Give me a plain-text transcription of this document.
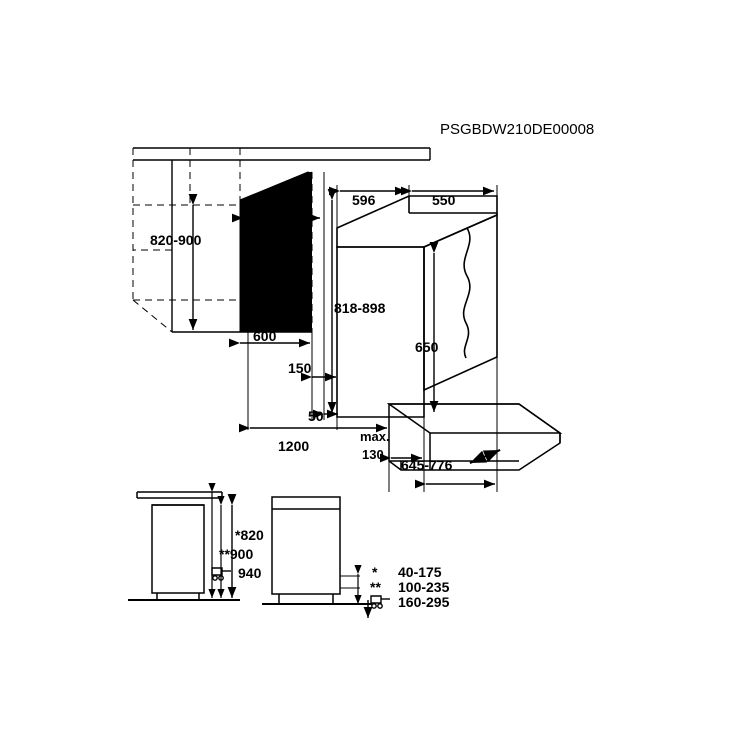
PSGBDW210DE00008
820-900
min. 550
596	550
818-898
650
600
150
50
1200
max.
130
645-776
*820
**900
940	* 40-175
** 100-235
160-295
